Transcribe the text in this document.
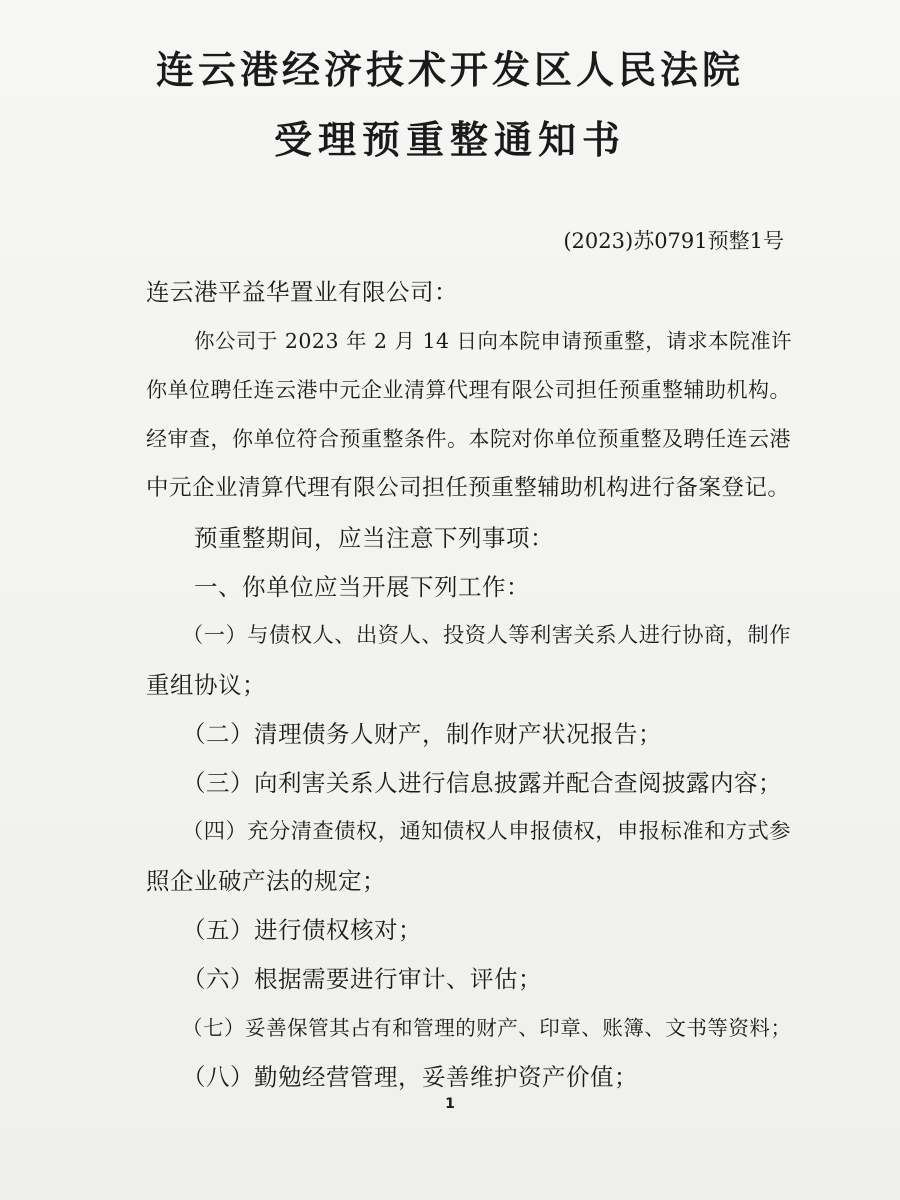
连云港经济技术开发区人民法院
受理预重整通知书
(2023)苏0791预整1号
连云港平益华置业有限公司：
你公司于 2023 年 2 月 14 日向本院申请预重整，请求本院准许
你单位聘任连云港中元企业清算代理有限公司担任预重整辅助机构。
经审查，你单位符合预重整条件。本院对你单位预重整及聘任连云港
中元企业清算代理有限公司担任预重整辅助机构进行备案登记。
预重整期间，应当注意下列事项：
一、你单位应当开展下列工作：
（一）与债权人、出资人、投资人等利害关系人进行协商，制作
重组协议；
（二）清理债务人财产，制作财产状况报告；
（三）向利害关系人进行信息披露并配合查阅披露内容；
（四）充分清查债权，通知债权人申报债权，申报标准和方式参
照企业破产法的规定；
（五）进行债权核对；
（六）根据需要进行审计、评估；
（七）妥善保管其占有和管理的财产、印章、账簿、文书等资料；
（八）勤勉经营管理，妥善维护资产价值；
1
